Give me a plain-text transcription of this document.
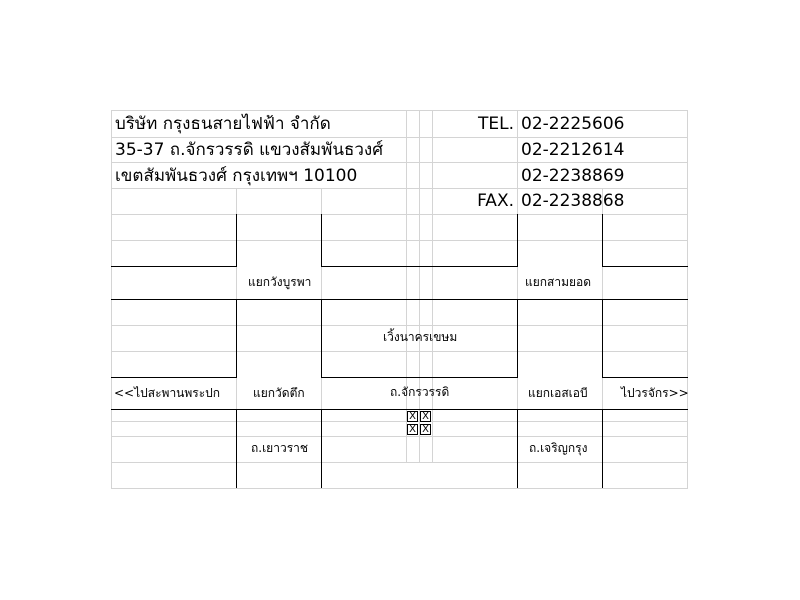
บริษัท กรุงธนสายไฟฟ้า จำกัด
35-37 ถ.จักรวรรดิ แขวงสัมพันธวงศ์
เขตสัมพันธวงศ์ กรุงเทพฯ 10100
TEL. 02-2225606
02-2212614
02-2238869
FAX. 02-2238868
แยกวังบูรพา	แยกสามยอด
เวิ้งนาครเขษม
<<ไปสะพานพระปก	แยกวัดตึก	ถ.จักรวรรดิ	แยกเอสเอบี	ไปวรจักร>>
ถ.เยาวราช	ถ.เจริญกรุง
X X
X X
